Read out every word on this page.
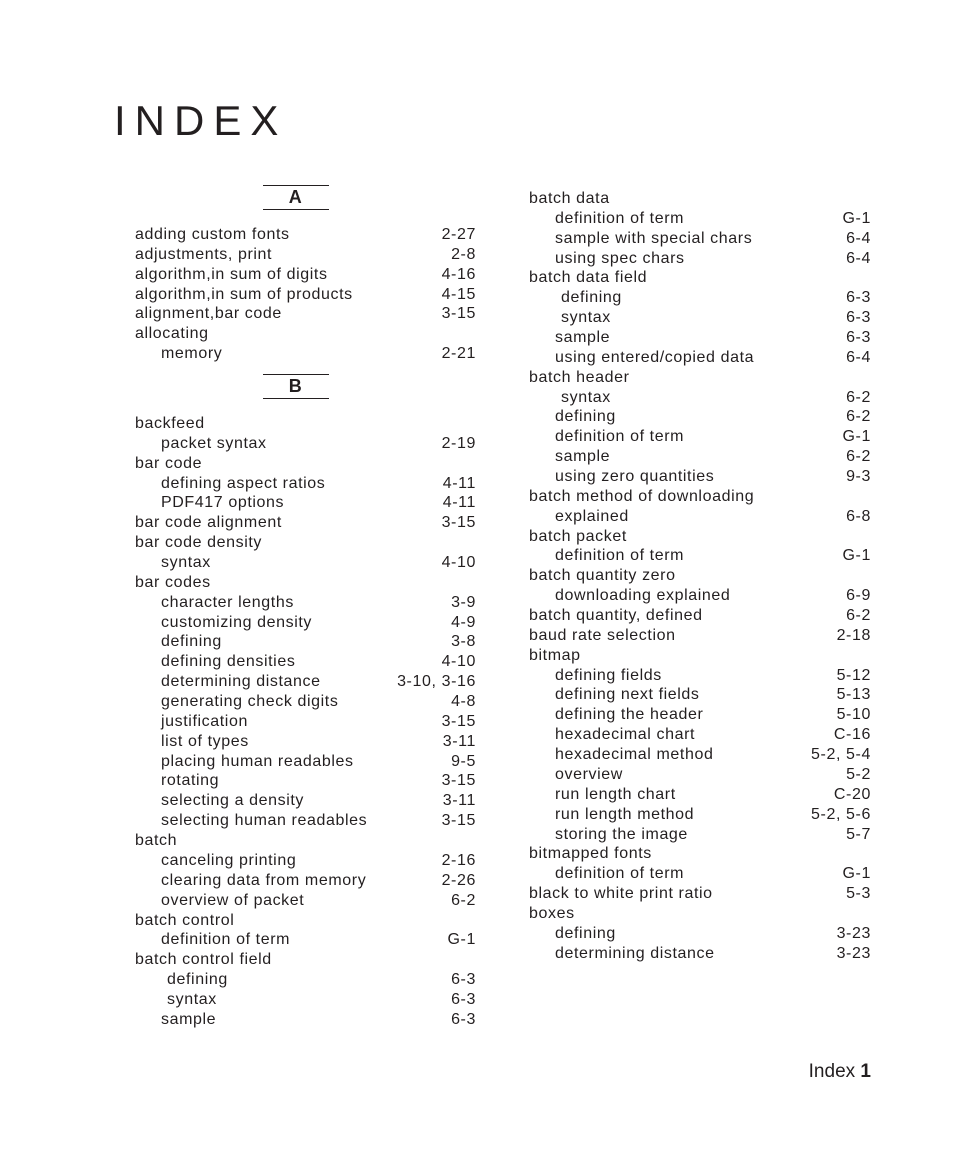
INDEX
A
adding custom fonts	2-27
adjustments, print	2-8
algorithm,in sum of digits	4-16
algorithm,in sum of products	4-15
alignment,bar code	3-15
allocating
memory	2-21
B
backfeed
packet syntax	2-19
bar code
defining aspect ratios	4-11
PDF417 options	4-11
bar code alignment	3-15
bar code density
syntax	4-10
bar codes
character lengths	3-9
customizing density	4-9
defining	3-8
defining densities	4-10
determining distance	3-10, 3-16
generating check digits	4-8
justification	3-15
list of types	3-11
placing human readables	9-5
rotating	3-15
selecting a density	3-11
selecting human readables	3-15
batch
canceling printing	2-16
clearing data from memory	2-26
overview of packet	6-2
batch control
definition of term	G-1
batch control field
defining	6-3
syntax	6-3
sample	6-3
batch data
definition of term	G-1
sample with special chars	6-4
using spec chars	6-4
batch data field
defining	6-3
syntax	6-3
sample	6-3
using entered/copied data	6-4
batch header
syntax	6-2
defining	6-2
definition of term	G-1
sample	6-2
using zero quantities	9-3
batch method of downloading
explained	6-8
batch packet
definition of term	G-1
batch quantity zero
downloading explained	6-9
batch quantity, defined	6-2
baud rate selection	2-18
bitmap
defining fields	5-12
defining next fields	5-13
defining the header	5-10
hexadecimal chart	C-16
hexadecimal method	5-2, 5-4
overview	5-2
run length chart	C-20
run length method	5-2, 5-6
storing the image	5-7
bitmapped fonts
definition of term	G-1
black to white print ratio	5-3
boxes
defining	3-23
determining distance	3-23
Index 1
